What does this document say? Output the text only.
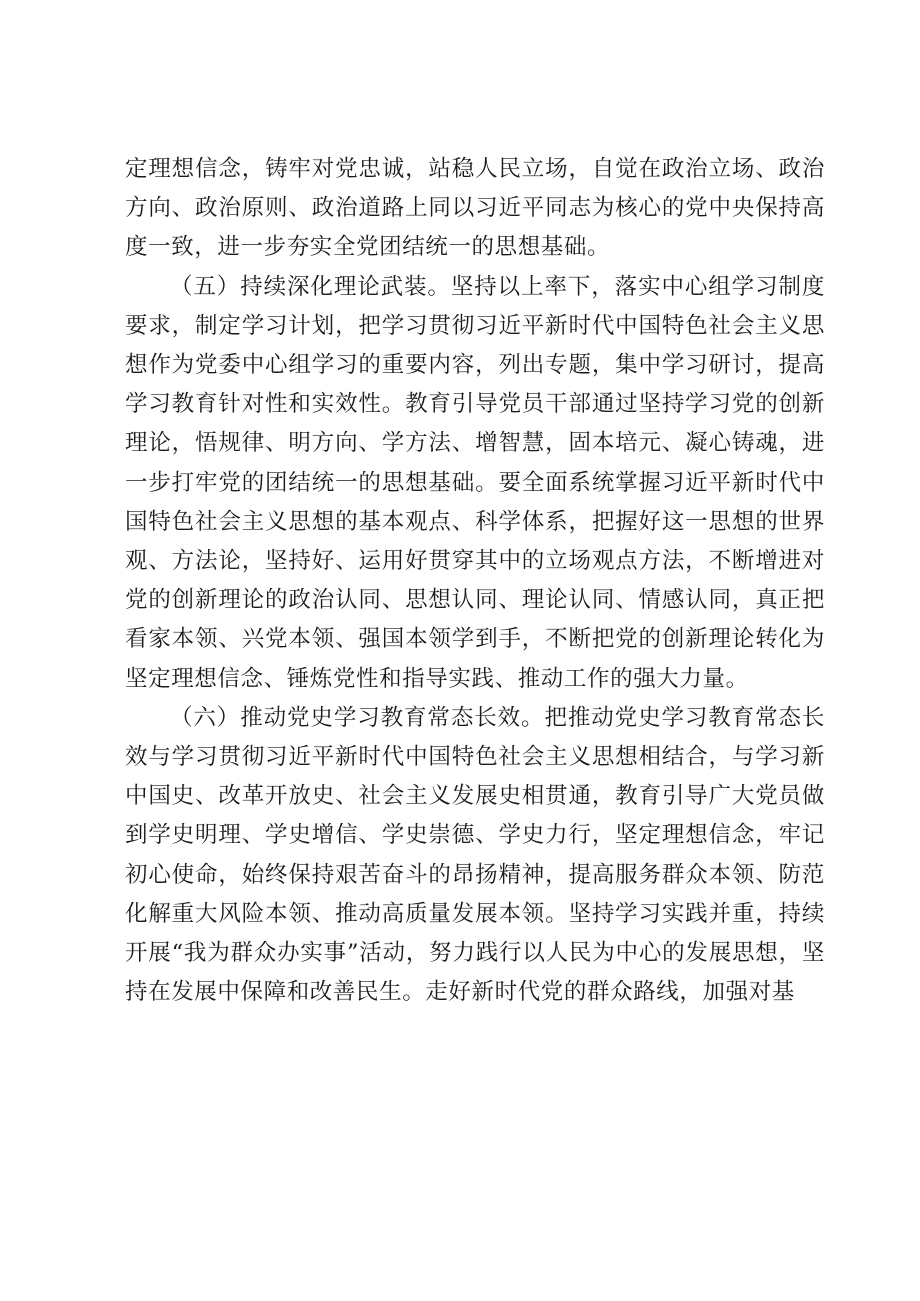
定理想信念，铸牢对党忠诚，站稳人民立场，自觉在政治立场、政治方向、政治原则、政治道路上同以习近平同志为核心的党中央保持高度一致，进一步夯实全党团结统一的思想基础。

（五）持续深化理论武装。坚持以上率下，落实中心组学习制度要求，制定学习计划，把学习贯彻习近平新时代中国特色社会主义思想作为党委中心组学习的重要内容，列出专题，集中学习研讨，提高学习教育针对性和实效性。教育引导党员干部通过坚持学习党的创新理论，悟规律、明方向、学方法、增智慧，固本培元、凝心铸魂，进一步打牢党的团结统一的思想基础。要全面系统掌握习近平新时代中国特色社会主义思想的基本观点、科学体系，把握好这一思想的世界观、方法论，坚持好、运用好贯穿其中的立场观点方法，不断增进对党的创新理论的政治认同、思想认同、理论认同、情感认同，真正把看家本领、兴党本领、强国本领学到手，不断把党的创新理论转化为坚定理想信念、锤炼党性和指导实践、推动工作的强大力量。

（六）推动党史学习教育常态长效。把推动党史学习教育常态长效与学习贯彻习近平新时代中国特色社会主义思想相结合，与学习新中国史、改革开放史、社会主义发展史相贯通，教育引导广大党员做到学史明理、学史增信、学史崇德、学史力行，坚定理想信念，牢记初心使命，始终保持艰苦奋斗的昂扬精神，提高服务群众本领、防范化解重大风险本领、推动高质量发展本领。坚持学习实践并重，持续开展“我为群众办实事”活动，努力践行以人民为中心的发展思想，坚持在发展中保障和改善民生。走好新时代党的群众路线，加强对基
